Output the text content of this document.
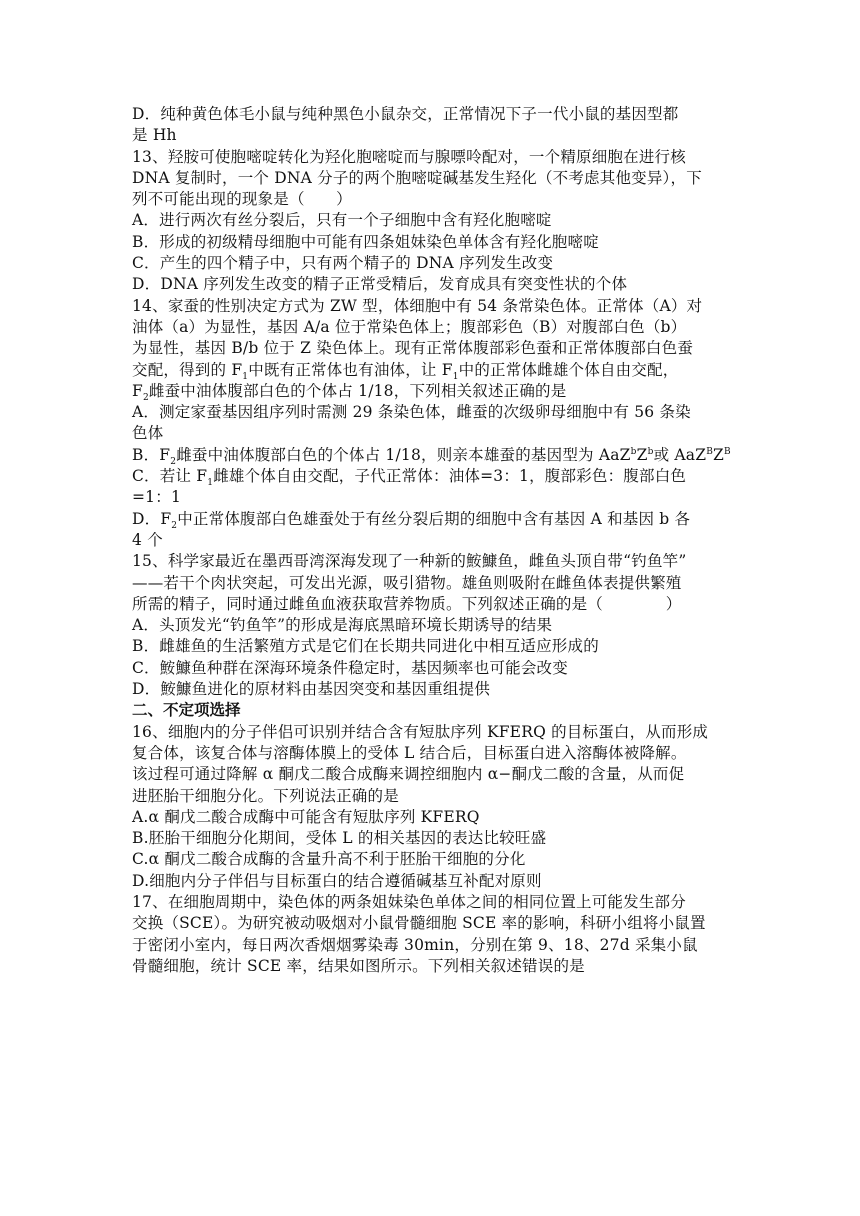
D．纯种黄色体毛小鼠与纯种黑色小鼠杂交，正常情况下子一代小鼠的基因型都
是 Hh
13、羟胺可使胞嘧啶转化为羟化胞嘧啶而与腺嘌呤配对，一个精原细胞在进行核
DNA 复制时，一个 DNA 分子的两个胞嘧啶碱基发生羟化（不考虑其他变异），下
列不可能出现的现象是（　　）
A．进行两次有丝分裂后，只有一个子细胞中含有羟化胞嘧啶
B．形成的初级精母细胞中可能有四条姐妹染色单体含有羟化胞嘧啶
C．产生的四个精子中，只有两个精子的 DNA 序列发生改变
D．DNA 序列发生改变的精子正常受精后，发育成具有突变性状的个体
14、家蚕的性别决定方式为 ZW 型，体细胞中有 54 条常染色体。正常体（A）对
油体（a）为显性，基因 A/a 位于常染色体上；腹部彩色（B）对腹部白色（b）
为显性，基因 B/b 位于 Z 染色体上。现有正常体腹部彩色蚕和正常体腹部白色蚕
交配，得到的 $F_1$中既有正常体也有油体，让 $F_1$中的正常体雌雄个体自由交配，
$F_2$雌蚕中油体腹部白色的个体占 1/18，下列相关叙述正确的是
A．测定家蚕基因组序列时需测 29 条染色体，雌蚕的次级卵母细胞中有 56 条染
色体
B．$F_2$雌蚕中油体腹部白色的个体占 1/18，则亲本雄蚕的基因型为 $AaZ^bZ^b$或 $AaZ^BZ^B$
C．若让 $F_1$雌雄个体自由交配，子代正常体：油体=3：1，腹部彩色：腹部白色
=1：1
D．$F_2$中正常体腹部白色雄蚕处于有丝分裂后期的细胞中含有基因 A 和基因 b 各
4 个
15、科学家最近在墨西哥湾深海发现了一种新的鮟鱇鱼，雌鱼头顶自带“钓鱼竿”
——若干个肉状突起，可发出光源，吸引猎物。雄鱼则吸附在雌鱼体表提供繁殖
所需的精子，同时通过雌鱼血液获取营养物质。下列叙述正确的是（　　　　）
A．头顶发光“钓鱼竿”的形成是海底黑暗环境长期诱导的结果
B．雌雄鱼的生活繁殖方式是它们在长期共同进化中相互适应形成的
C．鮟鱇鱼种群在深海环境条件稳定时，基因频率也可能会改变
D．鮟鱇鱼进化的原材料由基因突变和基因重组提供
二、不定项选择
16、细胞内的分子伴侣可识别并结合含有短肽序列 KFERQ 的目标蛋白，从而形成
复合体，该复合体与溶酶体膜上的受体 L 结合后，目标蛋白进入溶酶体被降解。
该过程可通过降解 α 酮戊二酸合成酶来调控细胞内 α−酮戊二酸的含量，从而促
进胚胎干细胞分化。下列说法正确的是
A.α 酮戊二酸合成酶中可能含有短肽序列 KFERQ
B.胚胎干细胞分化期间，受体 L 的相关基因的表达比较旺盛
C.α 酮戊二酸合成酶的含量升高不利于胚胎干细胞的分化
D.细胞内分子伴侣与目标蛋白的结合遵循碱基互补配对原则
17、在细胞周期中，染色体的两条姐妹染色单体之间的相同位置上可能发生部分
交换（SCE）。为研究被动吸烟对小鼠骨髓细胞 SCE 率的影响，科研小组将小鼠置
于密闭小室内，每日两次香烟烟雾染毒 30min，分别在第 9、18、27d 采集小鼠
骨髓细胞，统计 SCE 率，结果如图所示。下列相关叙述错误的是
